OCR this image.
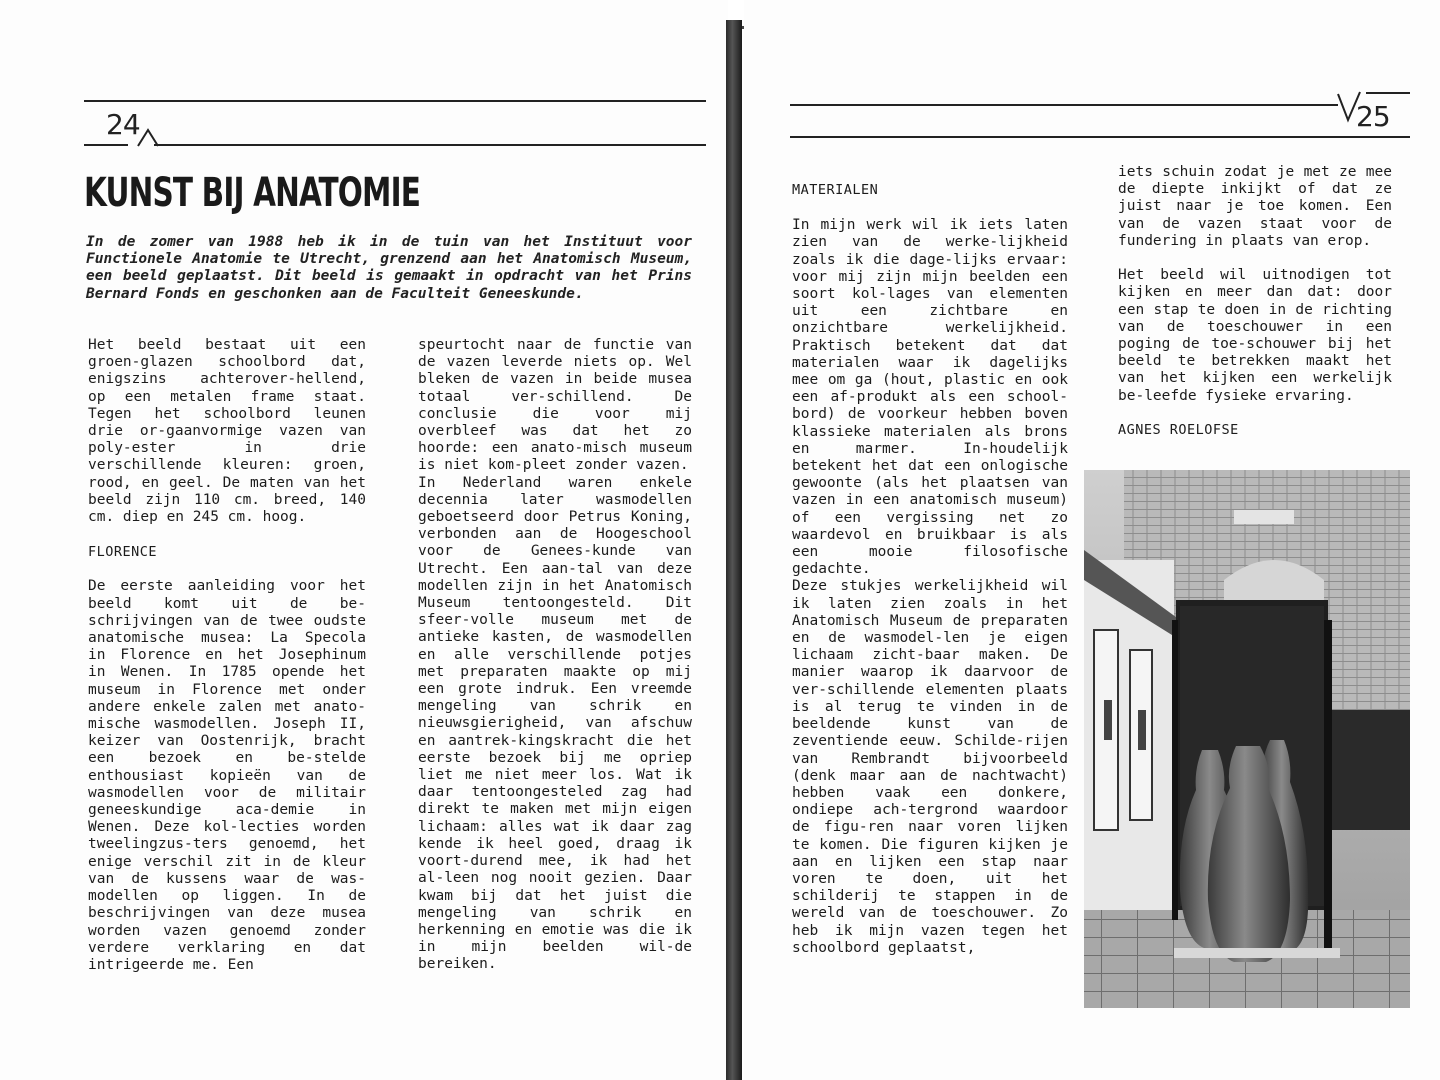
24
KUNST BIJ ANATOMIE
In de zomer van 1988 heb ik in de tuin van het Instituut voor Functionele Anatomie te Utrecht, grenzend aan het Anatomisch Museum, een beeld geplaatst. Dit beeld is gemaakt in opdracht van het Prins Bernard Fonds en geschonken aan de Faculteit Geneeskunde.

Het beeld bestaat uit een groen-glazen schoolbord dat, enigszins achterover-hellend, op een metalen frame staat. Tegen het schoolbord leunen drie or-gaanvormige vazen van poly-ester in drie verschillende kleuren: groen, rood, en geel. De maten van het beeld zijn 110 cm. breed, 140 cm. diep en 245 cm. hoog.

FLORENCE

De eerste aanleiding voor het beeld komt uit de be-schrijvingen van de twee oudste anatomische musea: La Specola in Florence en het Josephinum in Wenen. In 1785 opende het museum in Florence met onder andere enkele zalen met anato-mische wasmodellen. Joseph II, keizer van Oostenrijk, bracht een bezoek en be-stelde enthousiast kopieën van de wasmodellen voor de militair geneeskundige aca-demie in Wenen. Deze kol-lecties worden tweelingzus-ters genoemd, het enige verschil zit in de kleur van de kussens waar de was-modellen op liggen. In de beschrijvingen van deze musea worden vazen genoemd zonder verdere verklaring en dat intrigeerde me. Een

speurtocht naar de functie van de vazen leverde niets op. Wel bleken de vazen in beide musea totaal ver-schillend. De conclusie die voor mij overbleef was dat het zo hoorde: een anato-misch museum is niet kom-pleet zonder vazen.

In Nederland waren enkele decennia later wasmodellen geboetseerd door Petrus Koning, verbonden aan de Hoogeschool voor de Genees-kunde van Utrecht. Een aan-tal van deze modellen zijn in het Anatomisch Museum tentoongesteld. Dit sfeer-volle museum met de antieke kasten, de wasmodellen en alle verschillende potjes met preparaten maakte op mij een grote indruk. Een vreemde mengeling van schrik en nieuwsgierigheid, van afschuw en aantrek-kingskracht die het eerste bezoek bij me opriep liet me niet meer los. Wat ik daar tentoongesteled zag had direkt te maken met mijn eigen lichaam: alles wat ik daar zag kende ik heel goed, draag ik voort-durend mee, ik had het al-leen nog nooit gezien. Daar kwam bij dat het juist die mengeling van schrik en herkenning en emotie was die ik in mijn beelden wil-de bereiken.

25
MATERIALEN

In mijn werk wil ik iets laten zien van de werke-lijkheid zoals ik die dage-lijks ervaar: voor mij zijn mijn beelden een soort kol-lages van elementen uit een zichtbare en onzichtbare werkelijkheid. Praktisch betekent dat dat materialen waar ik dagelijks mee om ga (hout, plastic en ook een af-produkt als een school-bord) de voorkeur hebben boven klassieke materialen als brons en marmer. In-houdelijk betekent het dat een onlogische gewoonte (als het plaatsen van vazen in een anatomisch museum) of een vergissing net zo waardevol en bruikbaar is als een mooie filosofische gedachte.

Deze stukjes werkelijkheid wil ik laten zien zoals in het Anatomisch Museum de preparaten en de wasmodel-len je eigen lichaam zicht-baar maken. De manier waarop ik daarvoor de ver-schillende elementen plaats is al terug te vinden in de beeldende kunst van de zeventiende eeuw. Schilde-rijen van Rembrandt bijvoorbeeld (denk maar aan de nachtwacht) hebben vaak een donkere, ondiepe ach-tergrond waardoor de figu-ren naar voren lijken te komen. Die figuren kijken je aan en lijken een stap naar voren te doen, uit het schilderij te stappen in de wereld van de toeschouwer. Zo heb ik mijn vazen tegen het schoolbord geplaatst,

iets schuin zodat je met ze mee de diepte inkijkt of dat ze juist naar je toe komen. Een van de vazen staat voor de fundering in plaats van erop.

Het beeld wil uitnodigen tot kijken en meer dan dat: door een stap te doen in de richting van de toeschouwer in een poging de toe-schouwer bij het beeld te betrekken maakt het van het kijken een werkelijk be-leefde fysieke ervaring.

AGNES ROELOFSE
